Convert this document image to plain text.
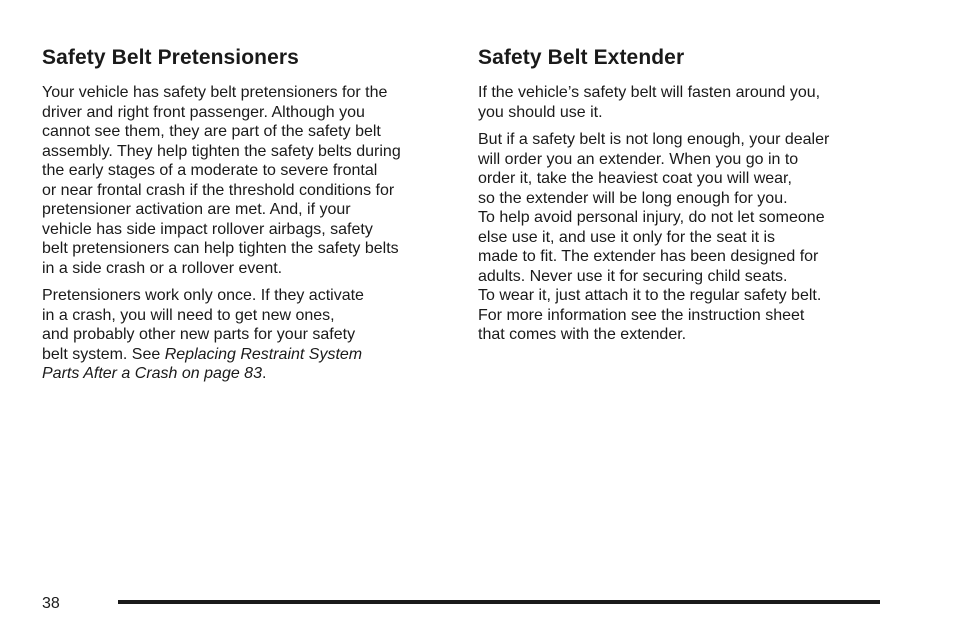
Safety Belt Pretensioners

Your vehicle has safety belt pretensioners for the
driver and right front passenger. Although you
cannot see them, they are part of the safety belt
assembly. They help tighten the safety belts during
the early stages of a moderate to severe frontal
or near frontal crash if the threshold conditions for
pretensioner activation are met. And, if your
vehicle has side impact rollover airbags, safety
belt pretensioners can help tighten the safety belts
in a side crash or a rollover event.

Pretensioners work only once. If they activate
in a crash, you will need to get new ones,
and probably other new parts for your safety
belt system. See Replacing Restraint System
Parts After a Crash on page 83.

Safety Belt Extender

If the vehicle’s safety belt will fasten around you,
you should use it.

But if a safety belt is not long enough, your dealer
will order you an extender. When you go in to
order it, take the heaviest coat you will wear,
so the extender will be long enough for you.

To help avoid personal injury, do not let someone
else use it, and use it only for the seat it is
made to fit. The extender has been designed for
adults. Never use it for securing child seats.

To wear it, just attach it to the regular safety belt.
For more information see the instruction sheet
that comes with the extender.

38
